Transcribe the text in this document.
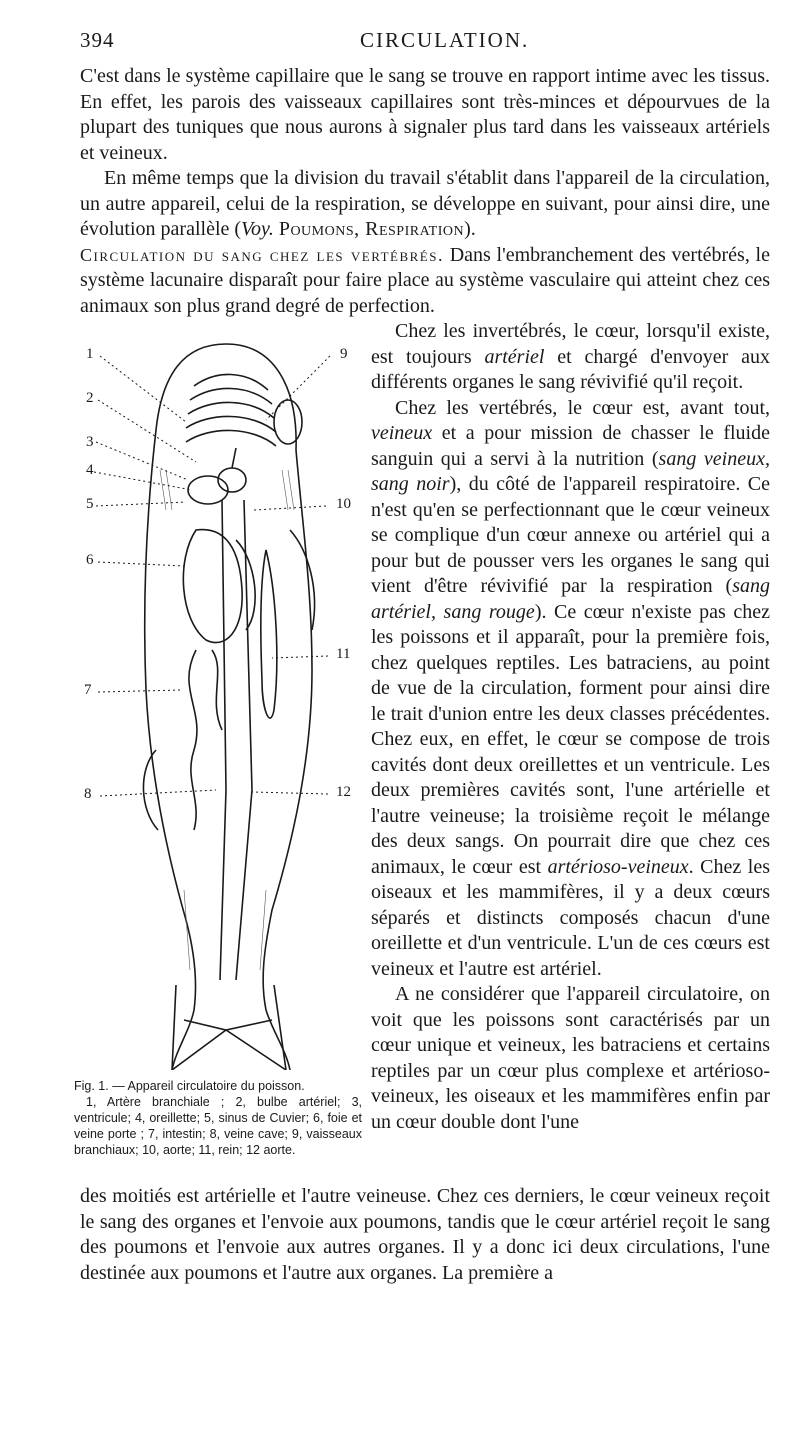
394	CIRCULATION.

C'est dans le système capillaire que le sang se trouve en rapport intime avec les tissus. En effet, les parois des vaisseaux capillaires sont très-minces et dépourvues de la plupart des tuniques que nous aurons à signaler plus tard dans les vaisseaux artériels et veineux.

En même temps que la division du travail s'établit dans l'appareil de la circulation, un autre appareil, celui de la respiration, se développe en suivant, pour ainsi dire, une évolution parallèle (Voy. Poumons, Respiration).

Circulation du sang chez les vertébrés. Dans l'embranchement des vertébrés, le système lacunaire disparaît pour faire place au système vasculaire qui atteint chez ces animaux son plus grand degré de perfection.

1
2
3
4
5
6
7
8
9
10
11
12

Fig. 1. — Appareil circulatoire du poisson.

1, Artère branchiale ; 2, bulbe artériel; 3, ventricule; 4, oreillette; 5, sinus de Cuvier; 6, foie et veine porte ; 7, intestin; 8, veine cave; 9, vaisseaux branchiaux; 10, aorte; 11, rein; 12 aorte.

Chez les invertébrés, le cœur, lorsqu'il existe, est toujours artériel et chargé d'envoyer aux différents organes le sang révivifié qu'il reçoit.

Chez les vertébrés, le cœur est, avant tout, veineux et a pour mission de chasser le fluide sanguin qui a servi à la nutrition (sang veineux, sang noir), du côté de l'appareil respiratoire. Ce n'est qu'en se perfectionnant que le cœur veineux se complique d'un cœur annexe ou artériel qui a pour but de pousser vers les organes le sang qui vient d'être révivifié par la respiration (sang artériel, sang rouge). Ce cœur n'existe pas chez les poissons et il apparaît, pour la première fois, chez quelques reptiles. Les batraciens, au point de vue de la circulation, forment pour ainsi dire le trait d'union entre les deux classes précédentes. Chez eux, en effet, le cœur se compose de trois cavités dont deux oreillettes et un ventricule. Les deux premières cavités sont, l'une artérielle et l'autre veineuse; la troisième reçoit le mélange des deux sangs. On pourrait dire que chez ces animaux, le cœur est artérioso-veineux. Chez les oiseaux et les mammifères, il y a deux cœurs séparés et distincts composés chacun d'une oreillette et d'un ventricule. L'un de ces cœurs est veineux et l'autre est artériel.

A ne considérer que l'appareil circulatoire, on voit que les poissons sont caractérisés par un cœur unique et veineux, les batraciens et certains reptiles par un cœur plus complexe et artérioso-veineux, les oiseaux et les mammifères enfin par un cœur double dont l'une

des moitiés est artérielle et l'autre veineuse. Chez ces derniers, le cœur veineux reçoit le sang des organes et l'envoie aux poumons, tandis que le cœur artériel reçoit le sang des poumons et l'envoie aux autres organes. Il y a donc ici deux circulations, l'une destinée aux poumons et l'autre aux organes. La première a
